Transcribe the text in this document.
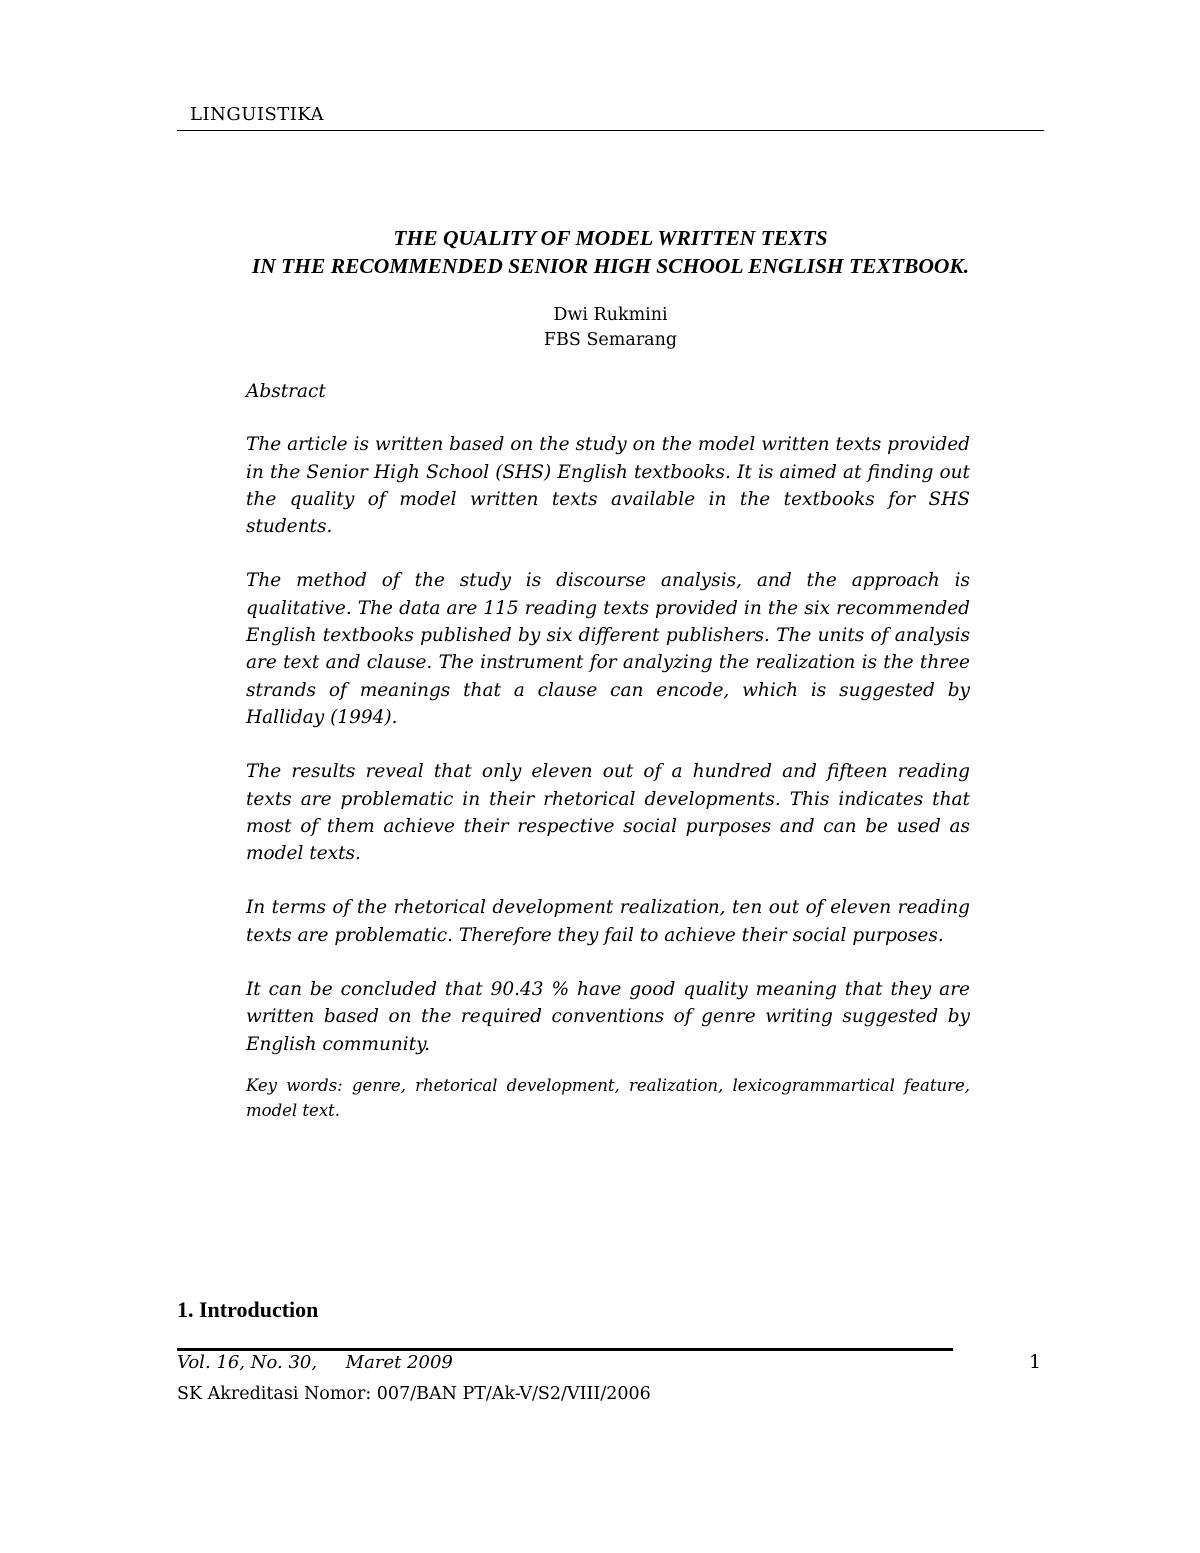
LINGUISTIKA
THE QUALITY OF MODEL WRITTEN TEXTS
IN THE RECOMMENDED SENIOR HIGH SCHOOL ENGLISH TEXTBOOK.
Dwi Rukmini
FBS Semarang

Abstract

The article is written based on the study on the model written texts provided in the Senior High School (SHS) English textbooks. It is aimed at finding out the quality of model written texts available in the textbooks for SHS students.

The method of the study is discourse analysis, and the approach is qualitative. The data are 115 reading texts provided in the six recommended English textbooks published by six different publishers. The units of analysis are text and clause. The instrument for analyzing the realization is the three strands of meanings that a clause can encode, which is suggested by Halliday (1994).

The results reveal that only eleven out of a hundred and fifteen reading texts are problematic in their rhetorical developments. This indicates that most of them achieve their respective social purposes and can be used as model texts.

In terms of the rhetorical development realization, ten out of eleven reading texts are problematic. Therefore they fail to achieve their social purposes.

It can be concluded that 90.43 % have good quality meaning that they are written based on the required conventions of genre writing suggested by English community.

Key words: genre, rhetorical development, realization, lexicogrammartical feature, model text.

1. Introduction
Vol. 16, No. 30,     Maret 2009	1
SK Akreditasi Nomor: 007/BAN PT/Ak-V/S2/VIII/2006
